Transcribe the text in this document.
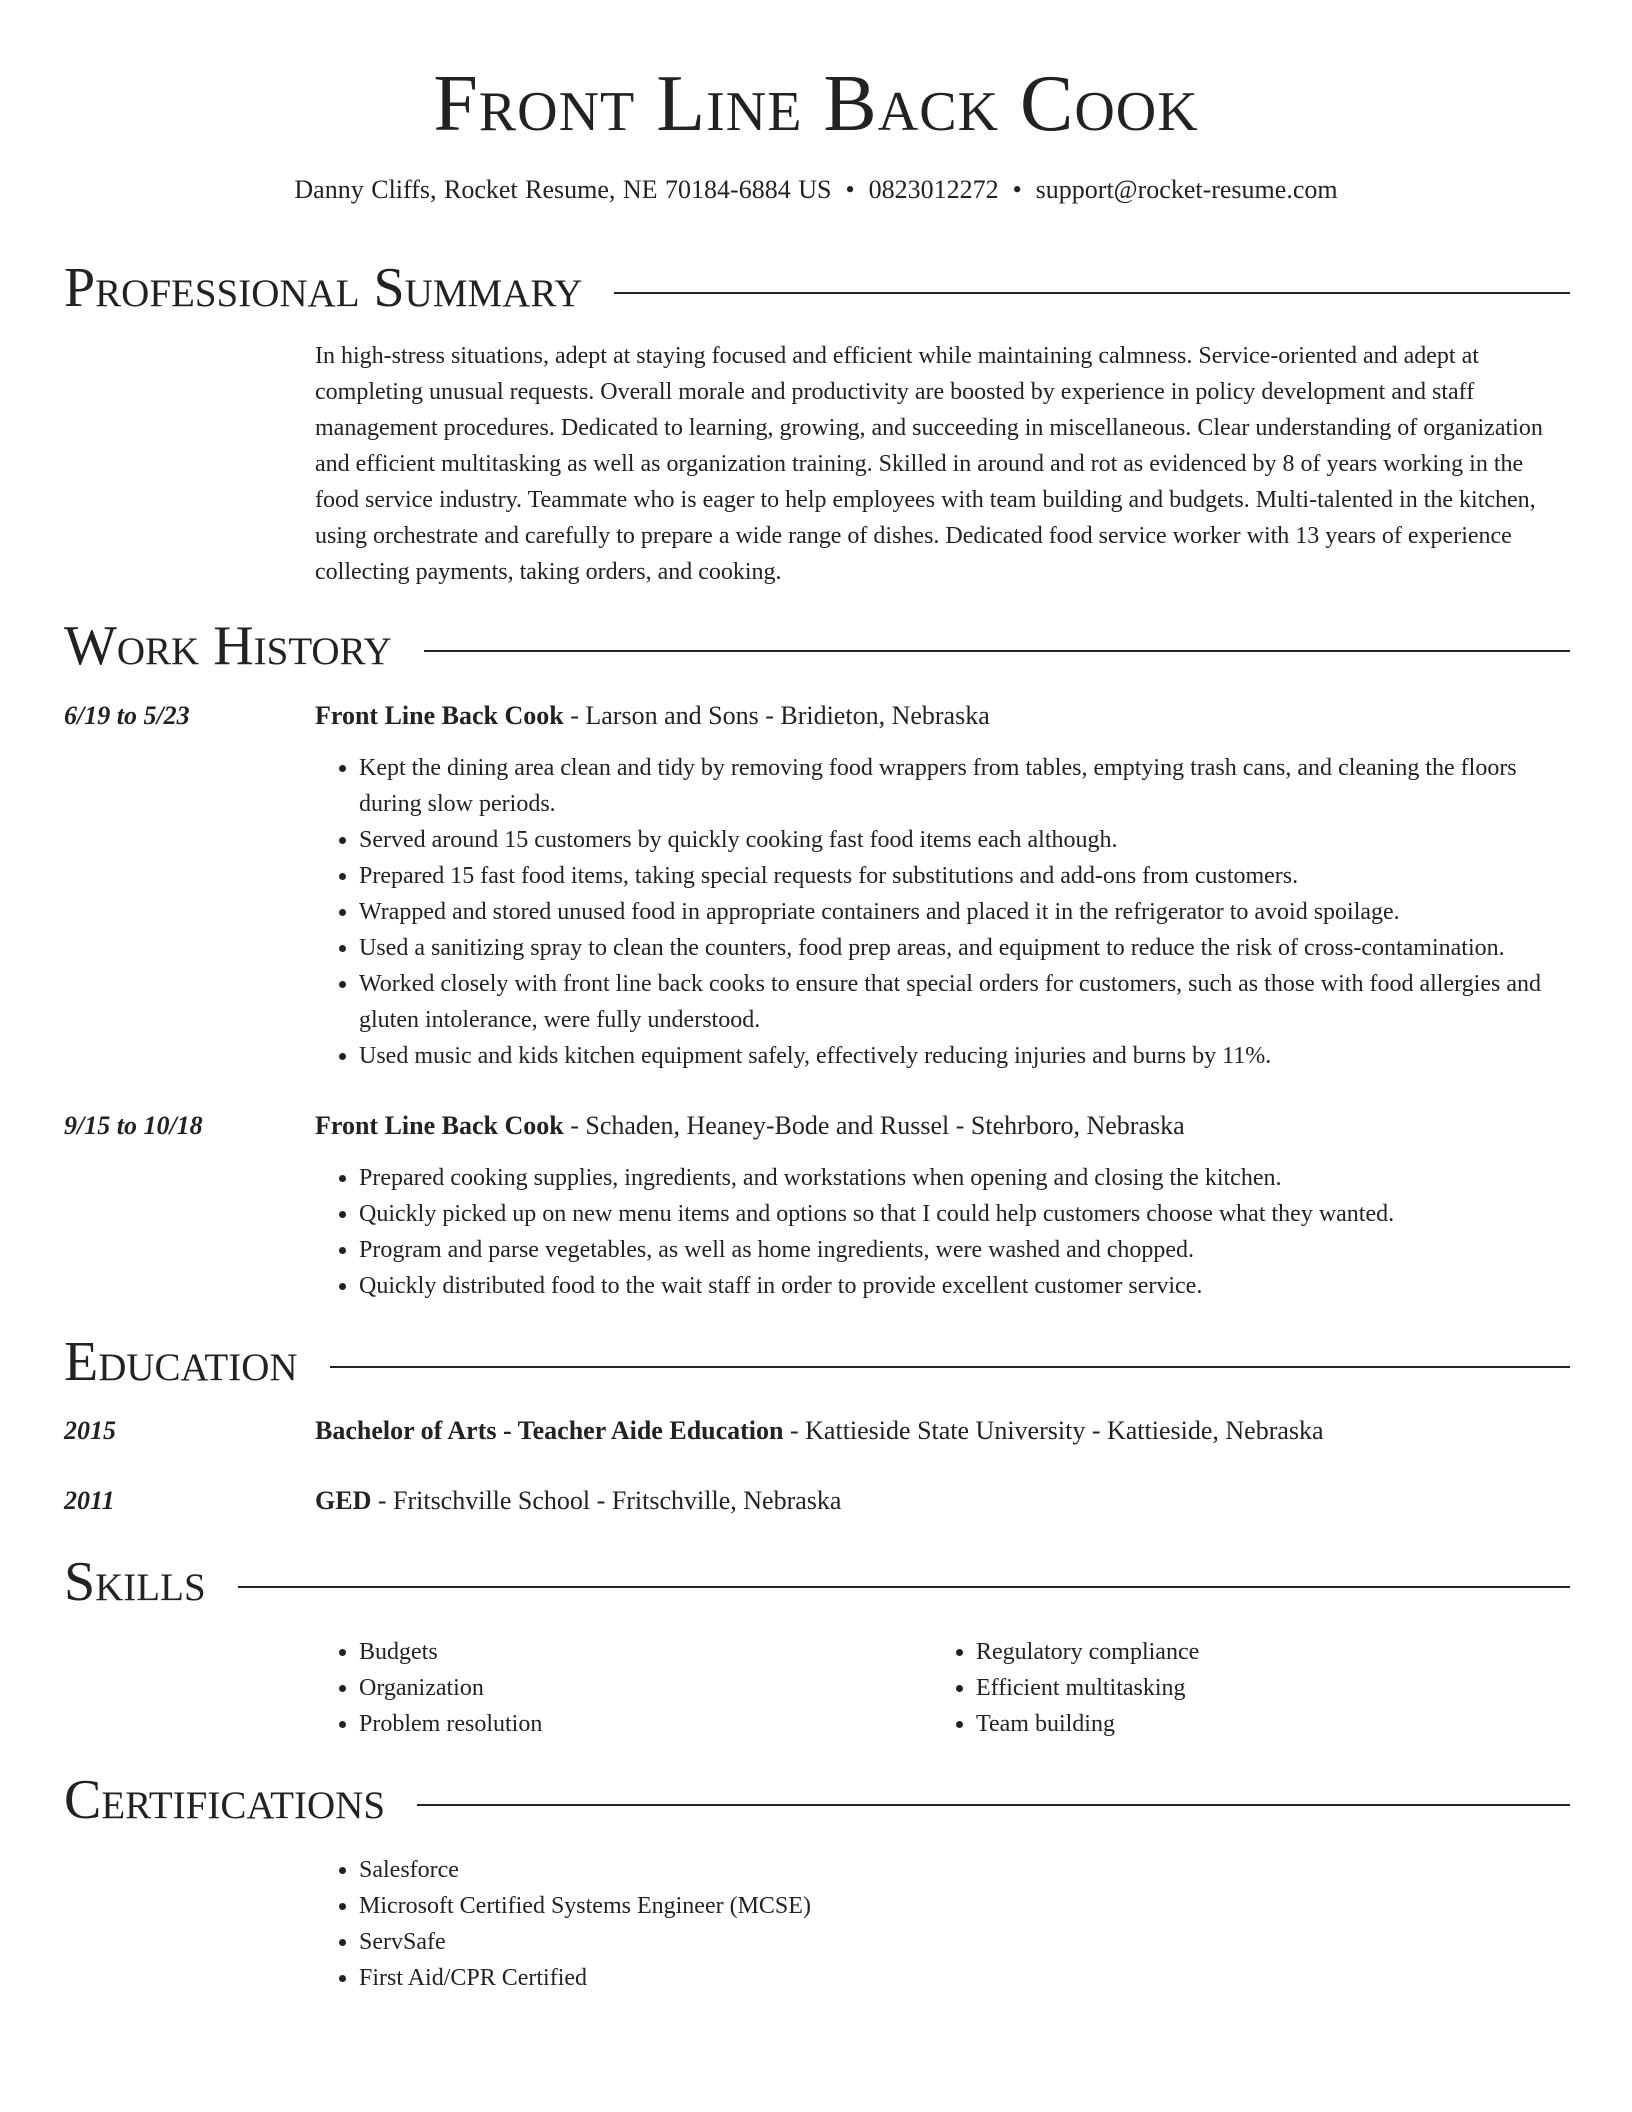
Front Line Back Cook
Danny Cliffs, Rocket Resume, NE 70184-6884 US • 0823012272 • support@rocket-resume.com
Professional Summary
In high-stress situations, adept at staying focused and efficient while maintaining calmness. Service-oriented and adept at completing unusual requests. Overall morale and productivity are boosted by experience in policy development and staff management procedures. Dedicated to learning, growing, and succeeding in miscellaneous. Clear understanding of organization and efficient multitasking as well as organization training. Skilled in around and rot as evidenced by 8 of years working in the food service industry. Teammate who is eager to help employees with team building and budgets. Multi-talented in the kitchen, using orchestrate and carefully to prepare a wide range of dishes. Dedicated food service worker with 13 years of experience collecting payments, taking orders, and cooking.
Work History
6/19 to 5/23	Front Line Back Cook - Larson and Sons - Bridieton, Nebraska
• Kept the dining area clean and tidy by removing food wrappers from tables, emptying trash cans, and cleaning the floors during slow periods.
• Served around 15 customers by quickly cooking fast food items each although.
• Prepared 15 fast food items, taking special requests for substitutions and add-ons from customers.
• Wrapped and stored unused food in appropriate containers and placed it in the refrigerator to avoid spoilage.
• Used a sanitizing spray to clean the counters, food prep areas, and equipment to reduce the risk of cross-contamination.
• Worked closely with front line back cooks to ensure that special orders for customers, such as those with food allergies and gluten intolerance, were fully understood.
• Used music and kids kitchen equipment safely, effectively reducing injuries and burns by 11%.
9/15 to 10/18	Front Line Back Cook - Schaden, Heaney-Bode and Russel - Stehrboro, Nebraska
• Prepared cooking supplies, ingredients, and workstations when opening and closing the kitchen.
• Quickly picked up on new menu items and options so that I could help customers choose what they wanted.
• Program and parse vegetables, as well as home ingredients, were washed and chopped.
• Quickly distributed food to the wait staff in order to provide excellent customer service.
Education
2015	Bachelor of Arts - Teacher Aide Education - Kattieside State University - Kattieside, Nebraska
2011	GED - Fritschville School - Fritschville, Nebraska
Skills
• Budgets
• Organization
• Problem resolution
• Regulatory compliance
• Efficient multitasking
• Team building
Certifications
• Salesforce
• Microsoft Certified Systems Engineer (MCSE)
• ServSafe
• First Aid/CPR Certified
